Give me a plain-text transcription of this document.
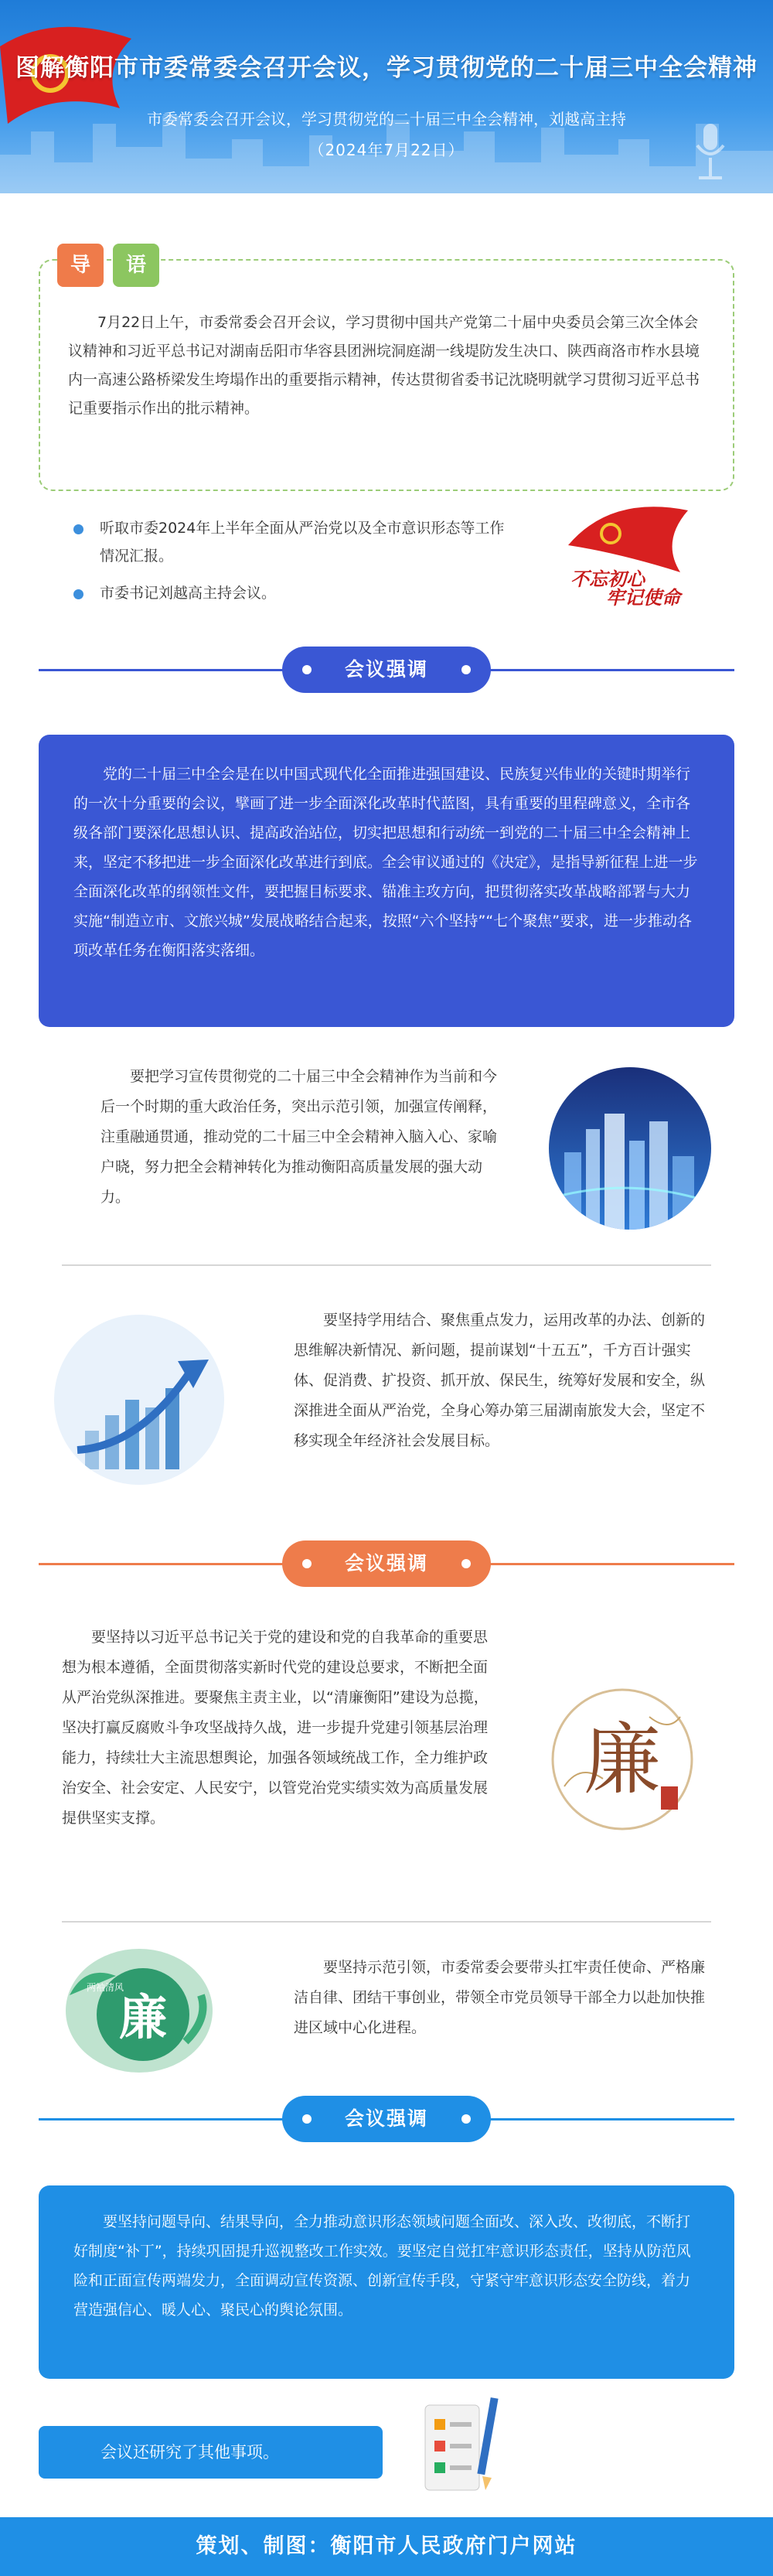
图解衡阳市市委常委会召开会议，学习贯彻党的二十届三中全会精神
市委常委会召开会议，学习贯彻党的二十届三中全会精神，刘越高主持
（2024年7月22日）
导	语
7月22日上午，市委常委会召开会议，学习贯彻中国共产党第二十届中央委员会第三次全体会议精神和习近平总书记对湖南岳阳市华容县团洲垸洞庭湖一线堤防发生决口、陕西商洛市柞水县境内一高速公路桥梁发生垮塌作出的重要指示精神，传达贯彻省委书记沈晓明就学习贯彻习近平总书记重要指示作出的批示精神。
听取市委2024年上半年全面从严治党以及全市意识形态等工作情况汇报。
市委书记刘越高主持会议。
不忘初心
牢记使命
会议强调
党的二十届三中全会是在以中国式现代化全面推进强国建设、民族复兴伟业的关键时期举行的一次十分重要的会议，擘画了进一步全面深化改革时代蓝图，具有重要的里程碑意义，全市各级各部门要深化思想认识、提高政治站位，切实把思想和行动统一到党的二十届三中全会精神上来，坚定不移把进一步全面深化改革进行到底。全会审议通过的《决定》，是指导新征程上进一步全面深化改革的纲领性文件，要把握目标要求、锚准主攻方向，把贯彻落实改革战略部署与大力实施“制造立市、文旅兴城”发展战略结合起来，按照“六个坚持”“七个聚焦”要求，进一步推动各项改革任务在衡阳落实落细。
要把学习宣传贯彻党的二十届三中全会精神作为当前和今后一个时期的重大政治任务，突出示范引领，加强宣传阐释，注重融通贯通，推动党的二十届三中全会精神入脑入心、家喻户晓，努力把全会精神转化为推动衡阳高质量发展的强大动力。
要坚持学用结合、聚焦重点发力，运用改革的办法、创新的思维解决新情况、新问题，提前谋划“十五五”，千方百计强实体、促消费、扩投资、抓开放、保民生，统筹好发展和安全，纵深推进全面从严治党，全身心筹办第三届湖南旅发大会，坚定不移实现全年经济社会发展目标。
会议强调
要坚持以习近平总书记关于党的建设和党的自我革命的重要思想为根本遵循，全面贯彻落实新时代党的建设总要求，不断把全面从严治党纵深推进。要聚焦主责主业，以“清廉衡阳”建设为总揽，坚决打赢反腐败斗争攻坚战持久战，进一步提升党建引领基层治理能力，持续壮大主流思想舆论，加强各领域统战工作，全力维护政治安全、社会安定、人民安宁，以管党治党实绩实效为高质量发展提供坚实支撑。
廉
两袖清风
廉
要坚持示范引领，市委常委会要带头扛牢责任使命、严格廉洁自律、团结干事创业，带领全市党员领导干部全力以赴加快推进区域中心化进程。
会议强调
要坚持问题导向、结果导向，全力推动意识形态领域问题全面改、深入改、改彻底，不断打好制度“补丁”，持续巩固提升巡视整改工作实效。要坚定自觉扛牢意识形态责任，坚持从防范风险和正面宣传两端发力，全面调动宣传资源、创新宣传手段，守紧守牢意识形态安全防线，着力营造强信心、暖人心、聚民心的舆论氛围。
会议还研究了其他事项。
策划、制图：衡阳市人民政府门户网站
